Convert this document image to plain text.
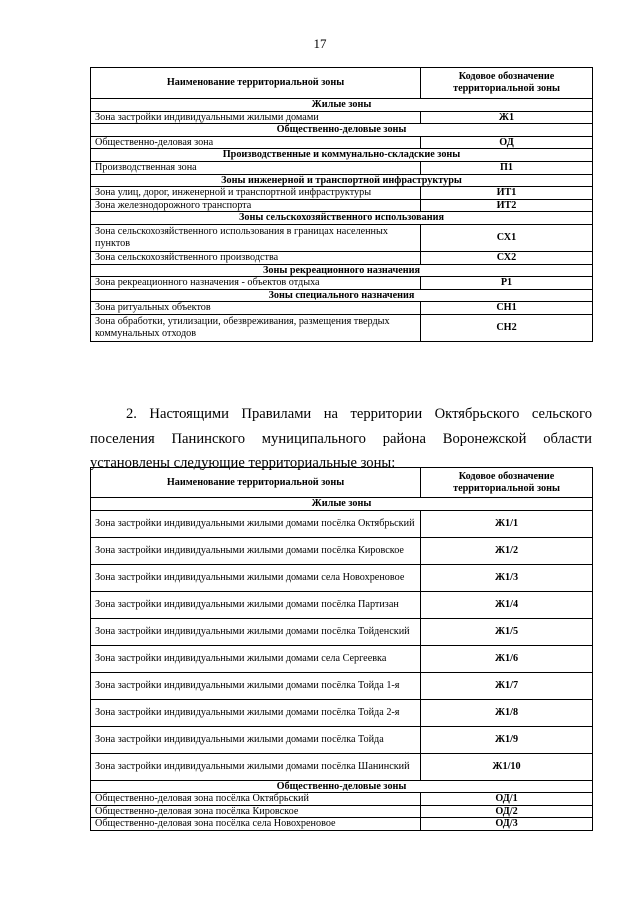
17
Наименование территориальной зоны	Кодовое обозначение территориальной зоны
Жилые зоны	
Зона застройки индивидуальными жилыми домами	Ж1
Общественно-деловые зоны	
Общественно-деловая зона	ОД
Производственные и коммунально-складские зоны	
Производственная зона	П1
Зоны инженерной и транспортной инфраструктуры	
Зона улиц, дорог, инженерной и транспортной инфраструктуры	ИТ1
Зона железнодорожного транспорта	ИТ2
Зоны сельскохозяйственного использования	
Зона сельскохозяйственного использования в границах населенных пунктов	СХ1
Зона сельскохозяйственного производства	СХ2
Зоны рекреационного назначения	
Зона рекреационного назначения - объектов отдыха	Р1
Зоны специального назначения	
Зона ритуальных объектов	СН1
Зона обработки, утилизации, обезвреживания, размещения твердых коммунальных отходов	СН2
2. Настоящими Правилами на территории Октябрьского сельского поселения Панинского муниципального района Воронежской области установлены следующие территориальные зоны:
Наименование территориальной зоны	Кодовое обозначение территориальной зоны
Жилые зоны	
Зона застройки индивидуальными жилыми домами посёлка Октябрьский	Ж1/1
Зона застройки индивидуальными жилыми домами посёлка Кировское	Ж1/2
Зона застройки индивидуальными жилыми домами села Новохреновое	Ж1/3
Зона застройки индивидуальными жилыми домами посёлка Партизан	Ж1/4
Зона застройки индивидуальными жилыми домами посёлка Тойденский	Ж1/5
Зона застройки индивидуальными жилыми домами села Сергеевка	Ж1/6
Зона застройки индивидуальными жилыми домами посёлка Тойда 1-я	Ж1/7
Зона застройки индивидуальными жилыми домами посёлка Тойда 2-я	Ж1/8
Зона застройки индивидуальными жилыми домами посёлка Тойда	Ж1/9
Зона застройки индивидуальными жилыми домами посёлка Шанинский	Ж1/10
Общественно-деловые зоны	
Общественно-деловая зона посёлка Октябрьский	ОД/1
Общественно-деловая зона посёлка Кировское	ОД/2
Общественно-деловая зона посёлка села Новохреновое	ОД/3
